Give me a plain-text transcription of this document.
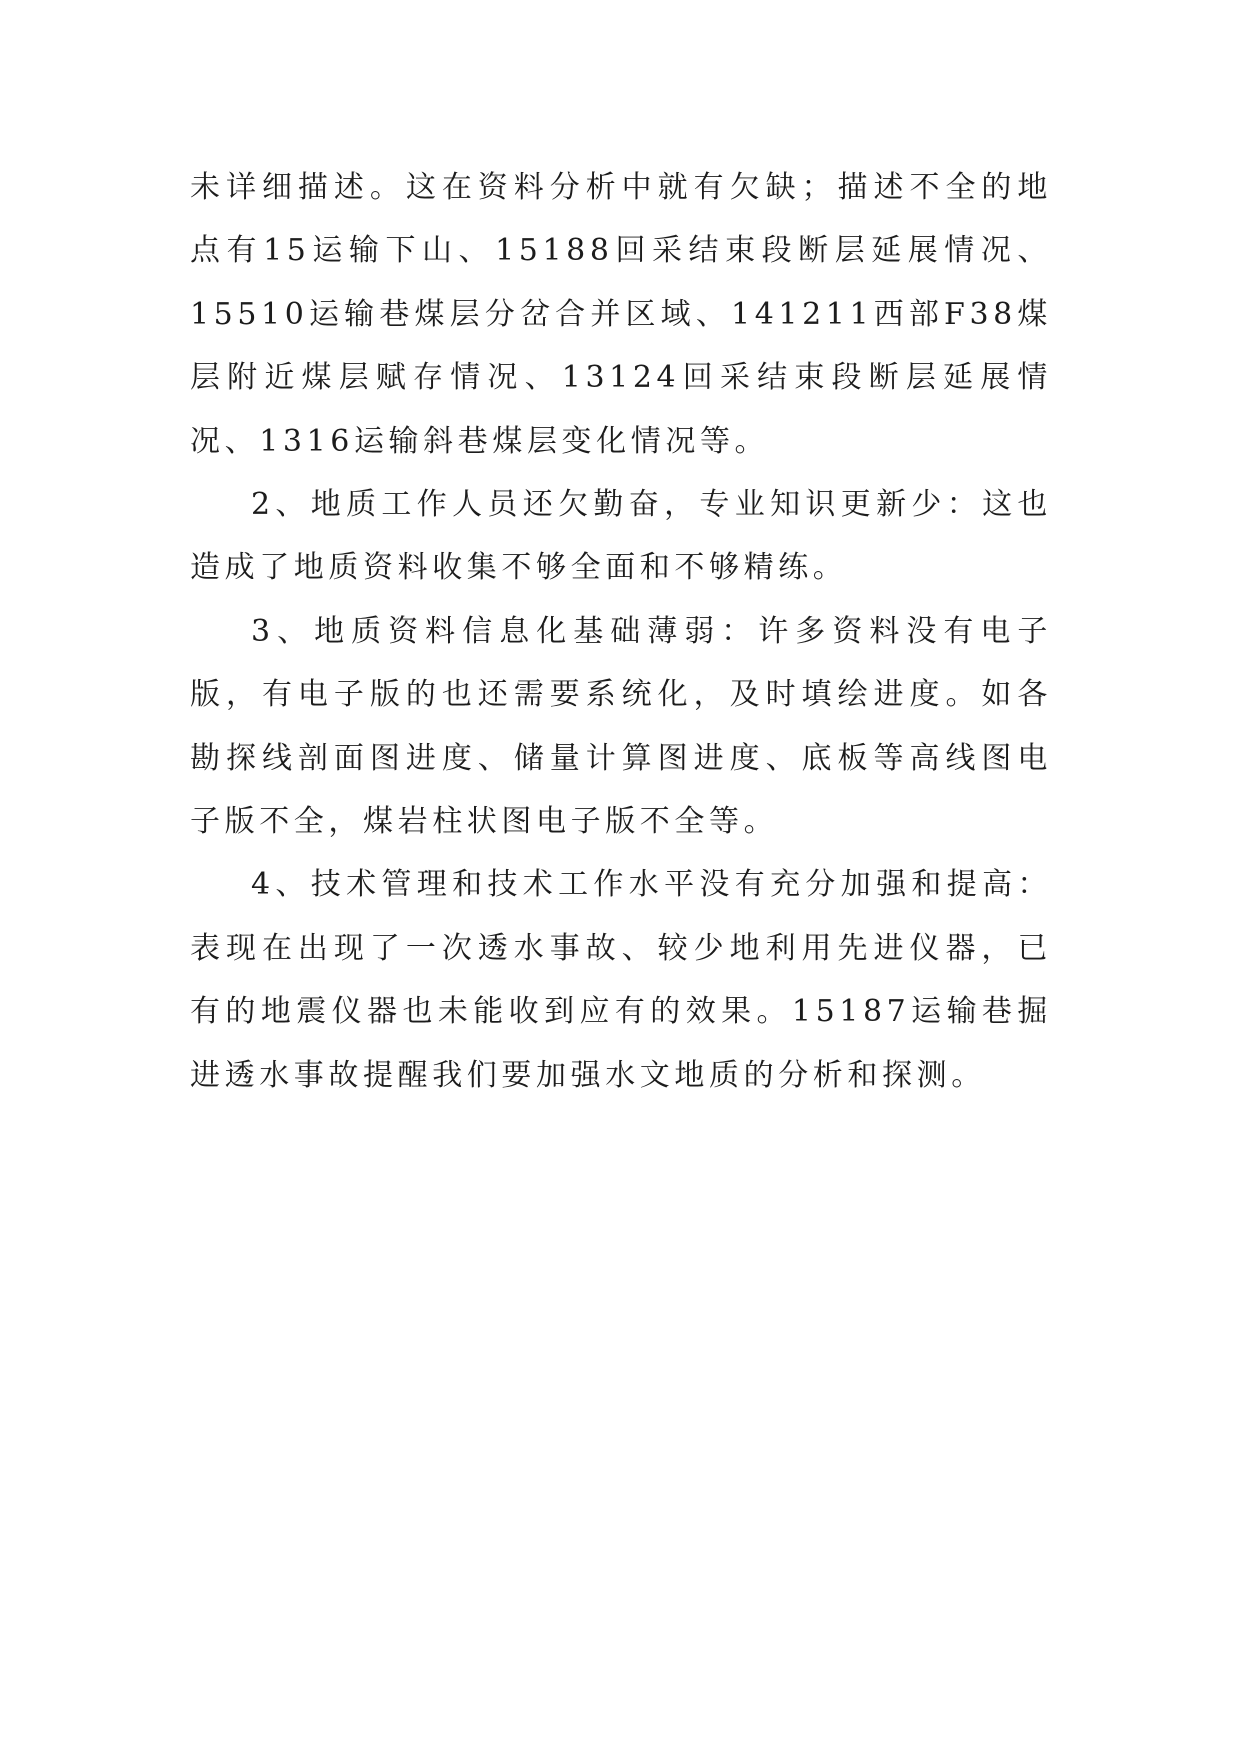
未详细描述。这在资料分析中就有欠缺；描述不全的地点有15运输下山、15188回采结束段断层延展情况、15510运输巷煤层分岔合并区域、141211西部F38煤层附近煤层赋存情况、13124回采结束段断层延展情况、1316运输斜巷煤层变化情况等。

2、地质工作人员还欠勤奋，专业知识更新少：这也造成了地质资料收集不够全面和不够精练。

3、地质资料信息化基础薄弱：许多资料没有电子版，有电子版的也还需要系统化，及时填绘进度。如各勘探线剖面图进度、储量计算图进度、底板等高线图电子版不全，煤岩柱状图电子版不全等。

4、技术管理和技术工作水平没有充分加强和提高：表现在出现了一次透水事故、较少地利用先进仪器，已有的地震仪器也未能收到应有的效果。15187运输巷掘进透水事故提醒我们要加强水文地质的分析和探测。
